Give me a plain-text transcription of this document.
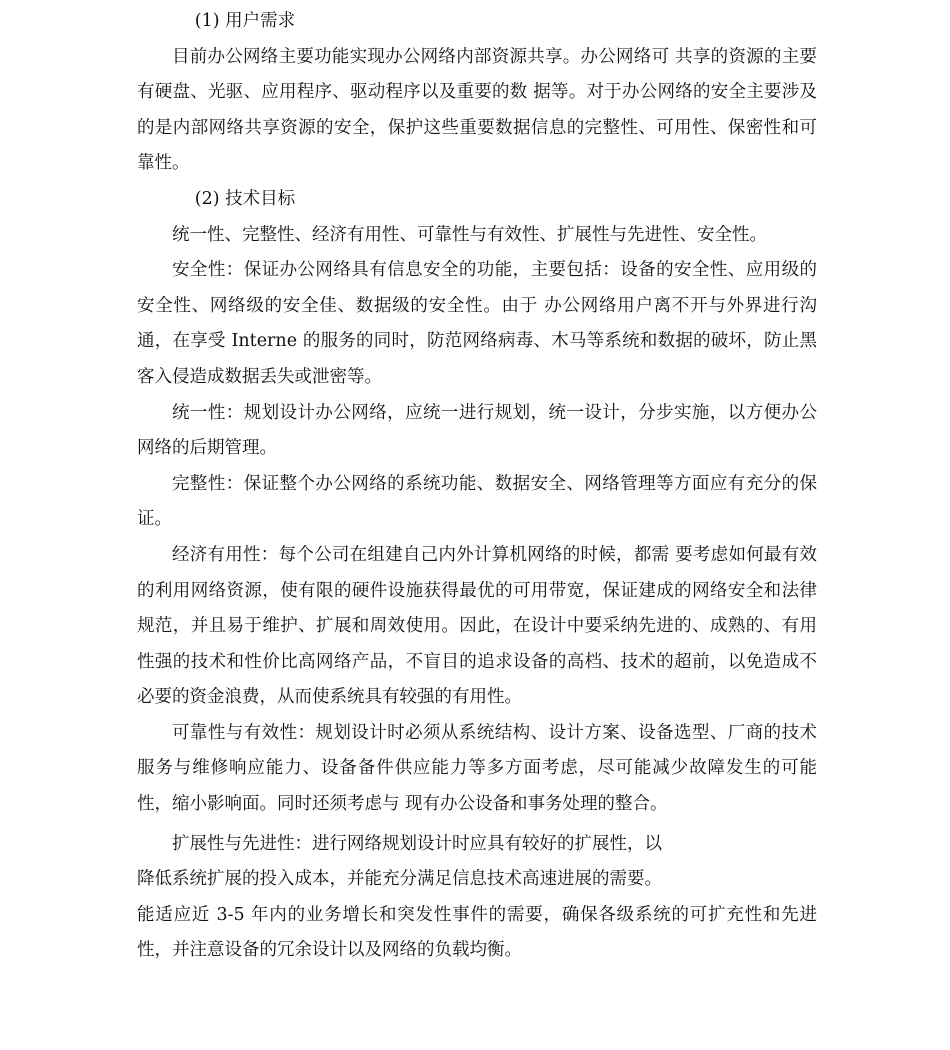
(1) 用户需求

目前办公网络主要功能实现办公网络内部资源共享。办公网络可 共享的资源的主要有硬盘、光驱、应用程序、驱动程序以及重要的数 据等。对于办公网络的安全主要涉及的是内部网络共享资源的安全，保护这些重要数据信息的完整性、可用性、保密性和可靠性。

(2) 技术目标

统一性、完整性、经济有用性、可靠性与有效性、扩展性与先进性、安全性。

安全性：保证办公网络具有信息安全的功能，主要包括：设备的安全性、应用级的安全性、网络级的安全佳、数据级的安全性。由于 办公网络用户离不开与外界进行沟通，在享受 Interne 的服务的同时，防范网络病毒、木马等系统和数据的破坏，防止黑客入侵造成数据丢失或泄密等。

统一性：规划设计办公网络，应统一进行规划，统一设计，分步实施，以方便办公网络的后期管理。

完整性：保证整个办公网络的系统功能、数据安全、网络管理等方面应有充分的保证。

经济有用性：每个公司在组建自己内外计算机网络的时候，都需 要考虑如何最有效的利用网络资源，使有限的硬件设施获得最优的可用带宽，保证建成的网络安全和法律规范，并且易于维护、扩展和周效使用。因此，在设计中要采纳先进的、成熟的、有用性强的技术和性价比高网络产品，不盲目的追求设备的高档、技术的超前，以免造成不必要的资金浪费，从而使系统具有较强的有用性。

可靠性与有效性：规划设计时必须从系统结构、设计方案、设备选型、厂商的技术服务与维修响应能力、设备备件供应能力等多方面考虑，尽可能减少故障发生的可能性，缩小影响面。同时还须考虑与 现有办公设备和事务处理的整合。

扩展性与先进性：进行网络规划设计时应具有较好的扩展性，以
降低系统扩展的投入成本，并能充分满足信息技术高速进展的需要。

能适应近 3-5 年内的业务增长和突发性事件的需要，确保各级系统的可扩充性和先进性，并注意设备的冗余设计以及网络的负载均衡。
